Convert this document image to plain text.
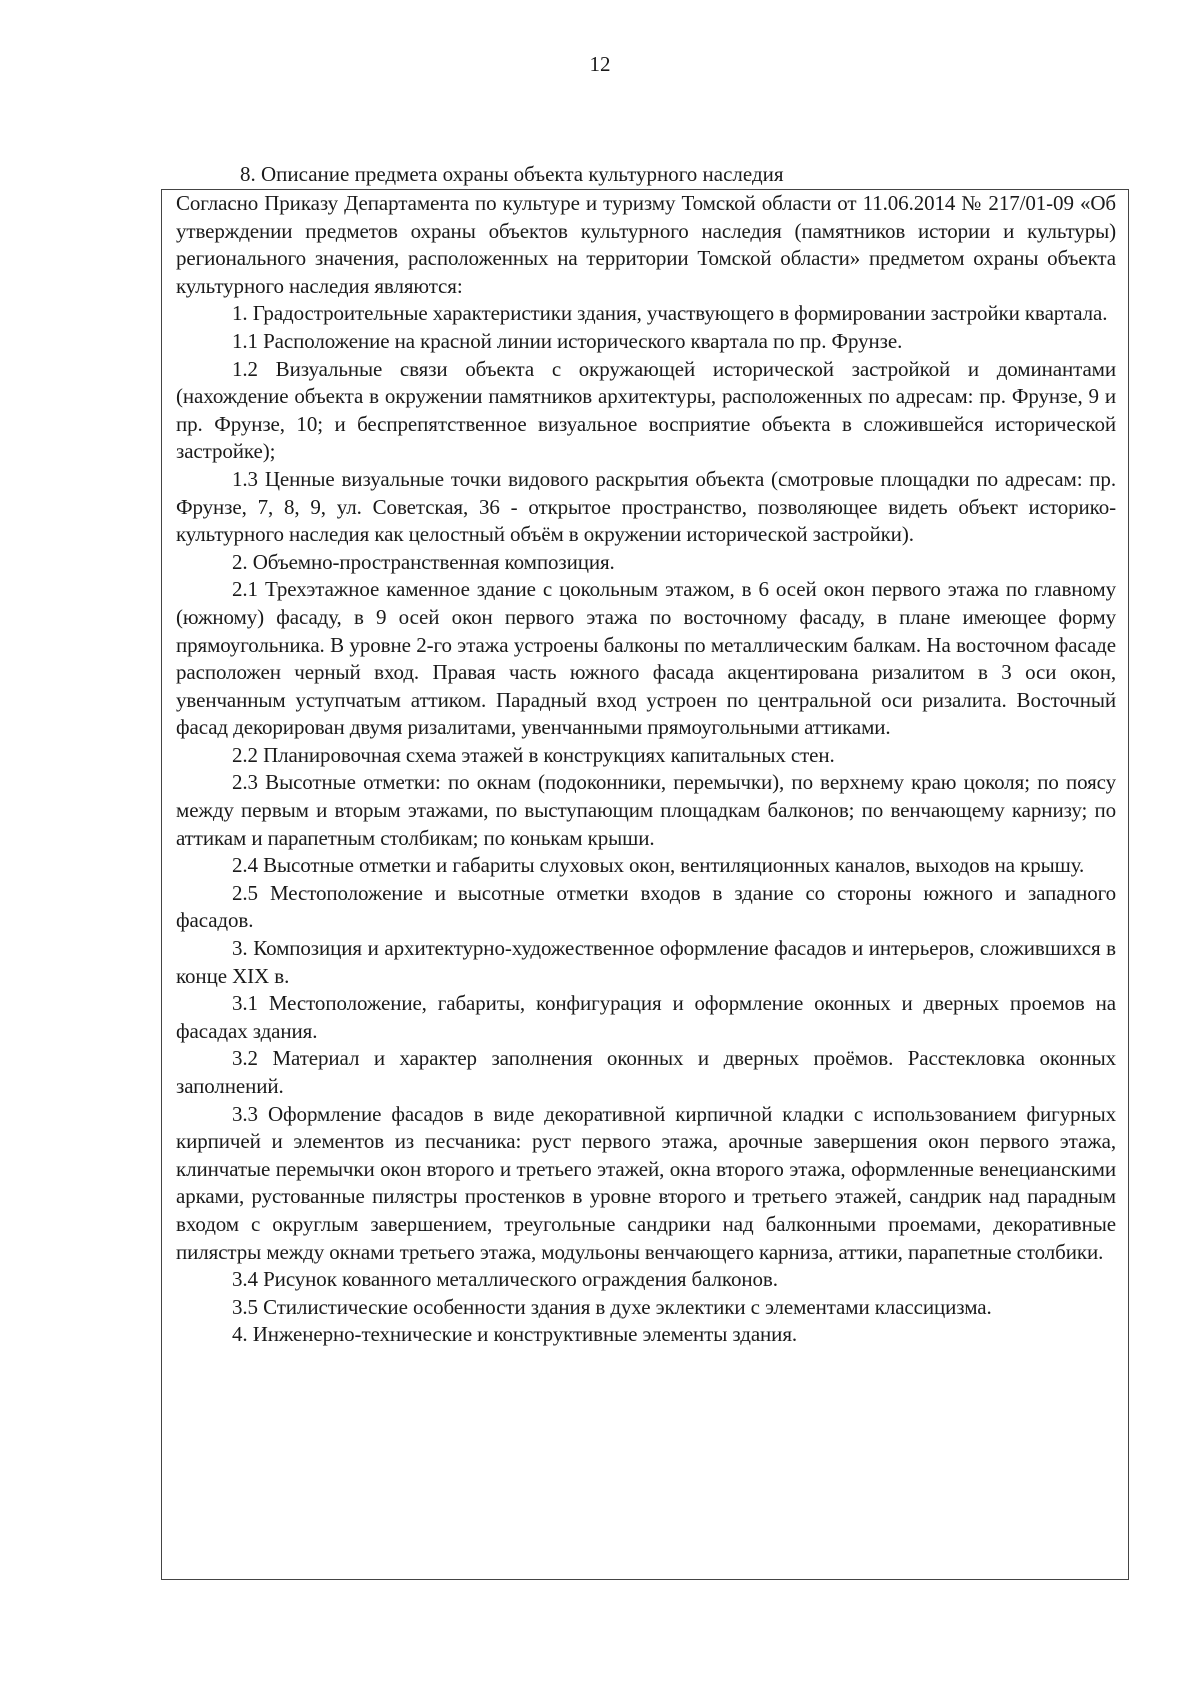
12
8. Описание предмета охраны объекта культурного наследия

Согласно Приказу Департамента по культуре и туризму Томской области от 11.06.2014 № 217/01-09 «Об утверждении предметов охраны объектов культурного наследия (памятников истории и культуры) регионального значения, расположенных на территории Томской области» предметом охраны объекта культурного наследия являются:

1. Градостроительные характеристики здания, участвующего в формировании застройки квартала.

1.1 Расположение на красной линии исторического квартала по пр. Фрунзе.

1.2 Визуальные связи объекта с окружающей исторической застройкой и доминантами (нахождение объекта в окружении памятников архитектуры, расположенных по адресам: пр. Фрунзе, 9 и пр. Фрунзе, 10; и беспрепятственное визуальное восприятие объекта в сложившейся исторической застройке);

1.3 Ценные визуальные точки видового раскрытия объекта (смотровые площадки по адресам: пр. Фрунзе, 7, 8, 9, ул. Советская, 36 - открытое пространство, позволяющее видеть объект историко-культурного наследия как целостный объём в окружении исторической застройки).

2. Объемно-пространственная композиция.

2.1 Трехэтажное каменное здание с цокольным этажом, в 6 осей окон первого этажа по главному (южному) фасаду, в 9 осей окон первого этажа по восточному фасаду, в плане имеющее форму прямоугольника. В уровне 2-го этажа устроены балконы по металлическим балкам. На восточном фасаде расположен черный вход. Правая часть южного фасада акцентирована ризалитом в 3 оси окон, увенчанным уступчатым аттиком. Парадный вход устроен по центральной оси ризалита. Восточный фасад декорирован двумя ризалитами, увенчанными прямоугольными аттиками.

2.2 Планировочная схема этажей в конструкциях капитальных стен.

2.3 Высотные отметки: по окнам (подоконники, перемычки), по верхнему краю цоколя; по поясу между первым и вторым этажами, по выступающим площадкам балконов; по венчающему карнизу; по аттикам и парапетным столбикам; по конькам крыши.

2.4 Высотные отметки и габариты слуховых окон, вентиляционных каналов, выходов на крышу.

2.5 Местоположение и высотные отметки входов в здание со стороны южного и западного фасадов.

3. Композиция и архитектурно-художественное оформление фасадов и интерьеров, сложившихся в конце XIX в.

3.1 Местоположение, габариты, конфигурация и оформление оконных и дверных проемов на фасадах здания.

3.2 Материал и характер заполнения оконных и дверных проёмов. Расстекловка оконных заполнений.

3.3 Оформление фасадов в виде декоративной кирпичной кладки с использованием фигурных кирпичей и элементов из песчаника: руст первого этажа, арочные завершения окон первого этажа, клинчатые перемычки окон второго и третьего этажей, окна второго этажа, оформленные венецианскими арками, рустованные пилястры простенков в уровне второго и третьего этажей, сандрик над парадным входом с округлым завершением, треугольные сандрики над балконными проемами, декоративные пилястры между окнами третьего этажа, модульоны венчающего карниза, аттики, парапетные столбики.

3.4 Рисунок кованного металлического ограждения балконов.

3.5 Стилистические особенности здания в духе эклектики с элементами классицизма.

4. Инженерно-технические и конструктивные элементы здания.
